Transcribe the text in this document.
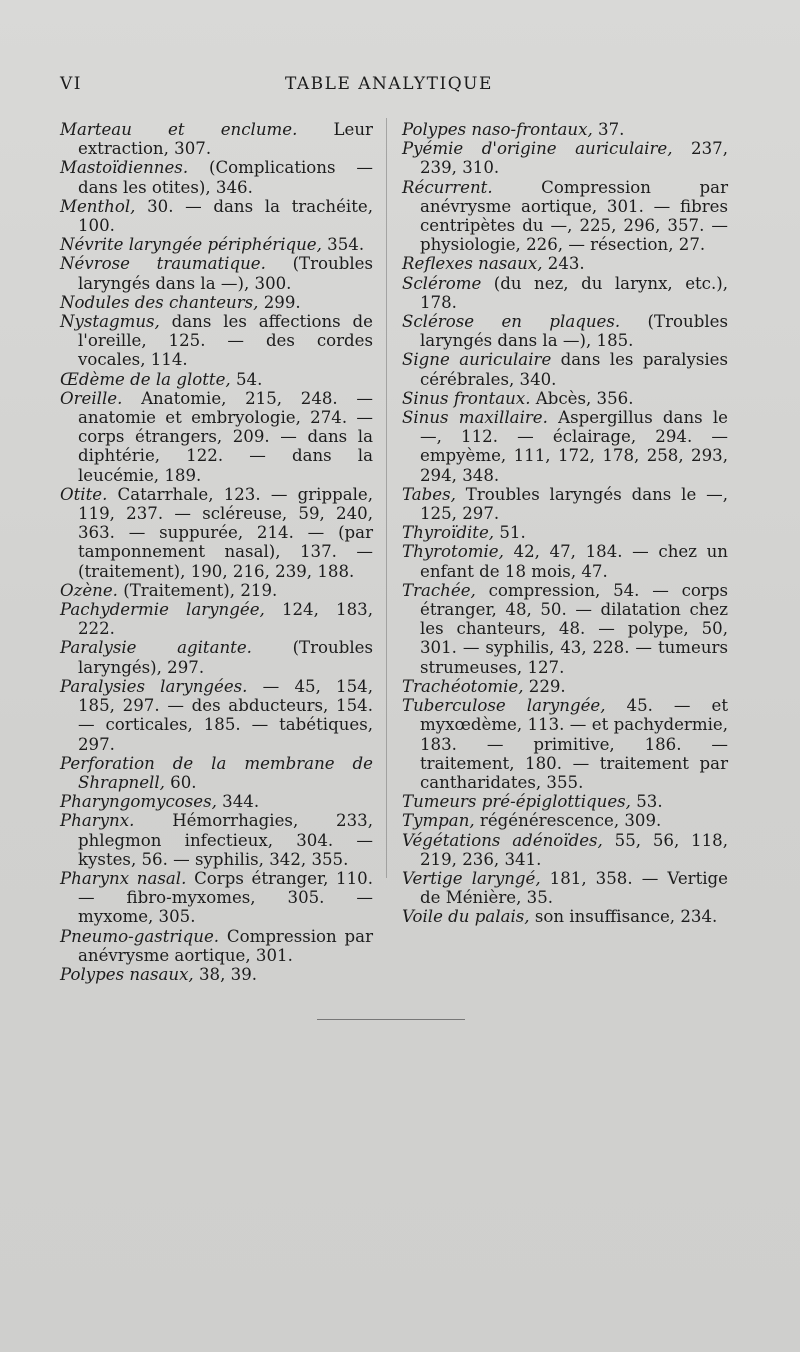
VI	TABLE ANALYTIQUE

Marteau et enclume. Leur extraction, 307.

Mastoïdiennes. (Complications — dans les otites), 346.

Menthol, 30. — dans la trachéite, 100.

Névrite laryngée périphérique, 354.

Névrose traumatique. (Troubles laryngés dans la —), 300.

Nodules des chanteurs, 299.

Nystagmus, dans les affections de l'oreille, 125. — des cordes vocales, 114.

Œdème de la glotte, 54.

Oreille. Anatomie, 215, 248. — anatomie et embryologie, 274. — corps étrangers, 209. — dans la diphtérie, 122. — dans la leucémie, 189.

Otite. Catarrhale, 123. — grippale, 119, 237. — scléreuse, 59, 240, 363. — suppurée, 214. — (par tamponnement nasal), 137. — (traitement), 190, 216, 239, 188.

Ozène. (Traitement), 219.

Pachydermie laryngée, 124, 183, 222.

Paralysie agitante. (Troubles laryngés), 297.

Paralysies laryngées. — 45, 154, 185, 297. — des abducteurs, 154. — corticales, 185. — tabétiques, 297.

Perforation de la membrane de Shrapnell, 60.

Pharyngomycoses, 344.

Pharynx. Hémorrhagies, 233, phlegmon infectieux, 304. — kystes, 56. — syphilis, 342, 355.

Pharynx nasal. Corps étranger, 110. — fibro-myxomes, 305. — myxome, 305.

Pneumo-gastrique. Compression par anévrysme aortique, 301.

Polypes nasaux, 38, 39.

Polypes naso-frontaux, 37.

Pyémie d'origine auriculaire, 237, 239, 310.

Récurrent. Compression par anévrysme aortique, 301. — fibres centripètes du —, 225, 296, 357. — physiologie, 226, — résection, 27.

Reflexes nasaux, 243.

Sclérome (du nez, du larynx, etc.), 178.

Sclérose en plaques. (Troubles laryngés dans la —), 185.

Signe auriculaire dans les paralysies cérébrales, 340.

Sinus frontaux. Abcès, 356.

Sinus maxillaire. Aspergillus dans le —, 112. — éclairage, 294. — empyème, 111, 172, 178, 258, 293, 294, 348.

Tabes, Troubles laryngés dans le —, 125, 297.

Thyroïdite, 51.

Thyrotomie, 42, 47, 184. — chez un enfant de 18 mois, 47.

Trachée, compression, 54. — corps étranger, 48, 50. — dilatation chez les chanteurs, 48. — polype, 50, 301. — syphilis, 43, 228. — tumeurs strumeuses, 127.

Trachéotomie, 229.

Tuberculose laryngée, 45. — et myxœdème, 113. — et pachydermie, 183. — primitive, 186. — traitement, 180. — traitement par cantharidates, 355.

Tumeurs pré-épiglottiques, 53.

Tympan, régénérescence, 309.

Végétations adénoïdes, 55, 56, 118, 219, 236, 341.

Vertige laryngé, 181, 358. — Vertige de Ménière, 35.

Voile du palais, son insuffisance, 234.
